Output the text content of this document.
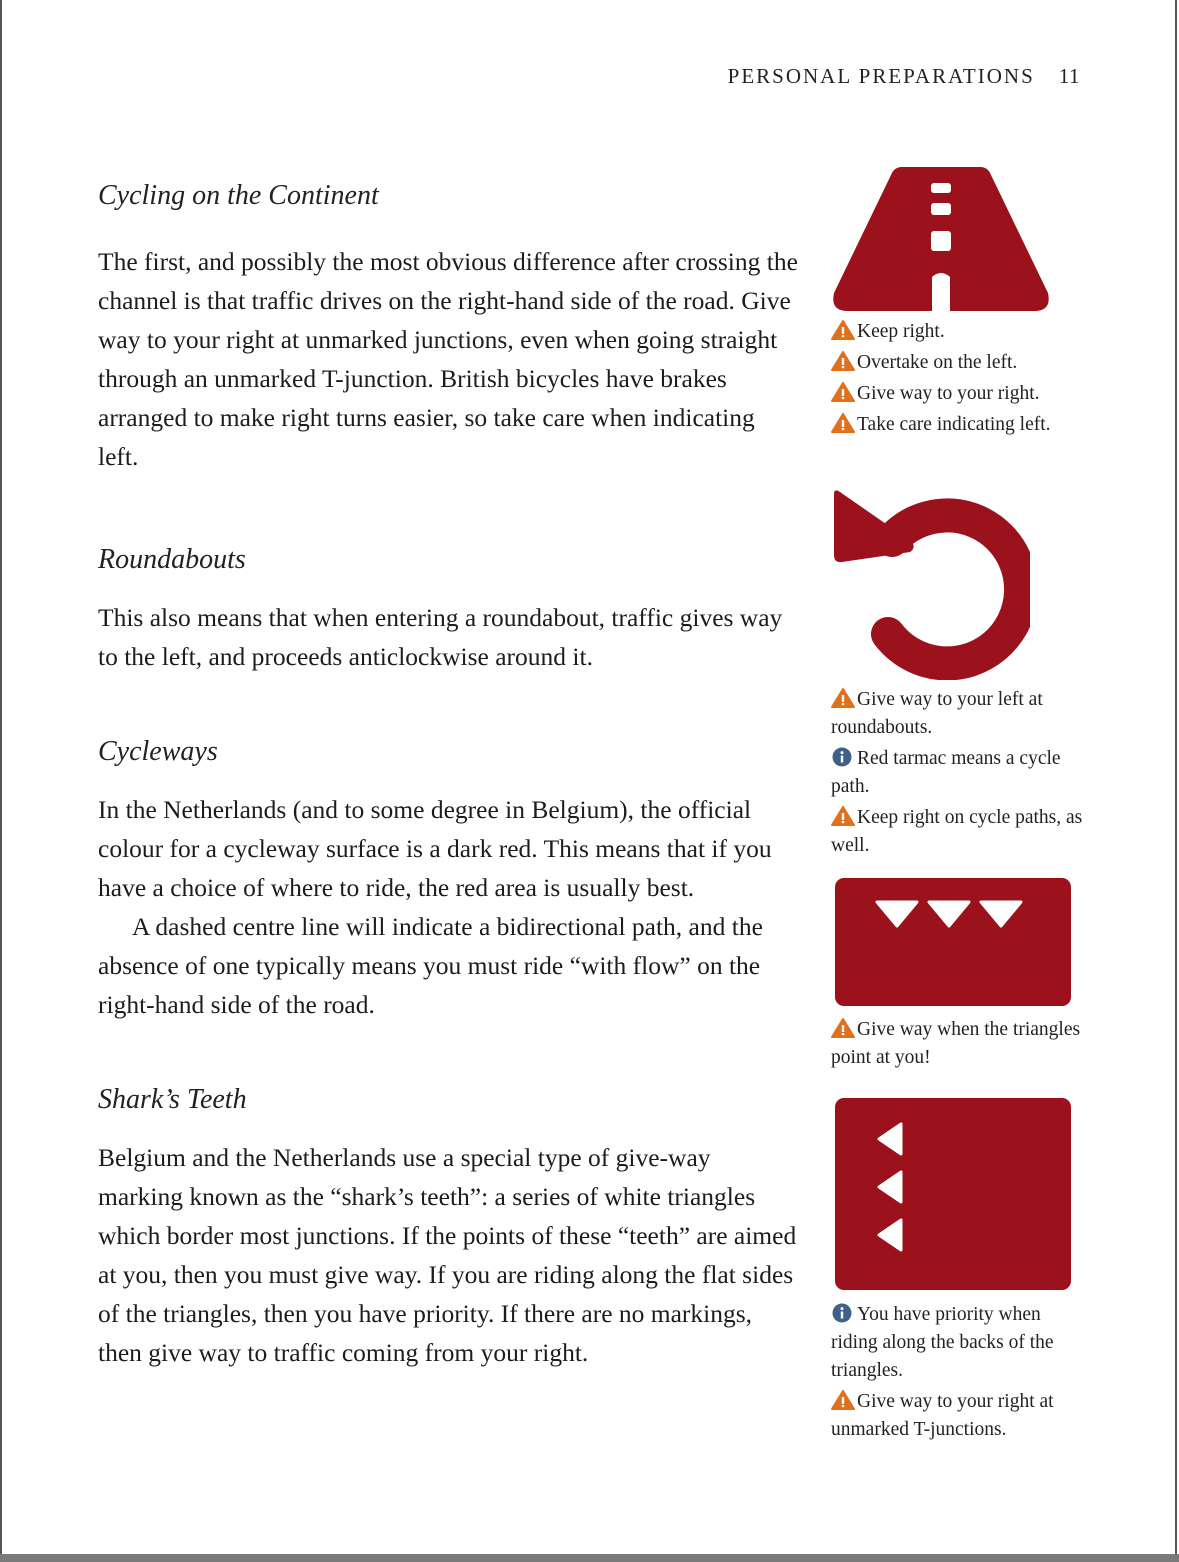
PERSONAL PREPARATIONS 11
Cycling on the Continent

The first, and possibly the most obvious difference after crossing the channel is that traffic drives on the right-hand side of the road. Give way to your right at unmarked junctions, even when going straight through an unmarked T-junction. British bicycles have brakes arranged to make right turns easier, so take care when indicating left.

Roundabouts

This also means that when entering a roundabout, traffic gives way to the left, and proceeds anticlockwise around it.

Cycleways

In the Netherlands (and to some degree in Belgium), the official colour for a cycleway surface is a dark red. This means that if you have a choice of where to ride, the red area is usually best.

A dashed centre line will indicate a bidirectional path, and the absence of one typically means you must ride “with flow” on the right-hand side of the road.

Shark’s Teeth

Belgium and the Netherlands use a special type of give-way marking known as the “shark’s teeth”: a series of white triangles which border most junctions. If the points of these “teeth” are aimed at you, then you must give way. If you are riding along the flat sides of the triangles, then you have priority. If there are no markings, then give way to traffic coming from your right.

Keep right.
Overtake on the left.
Give way to your right.
Take care indicating left.
Give way to your left at roundabouts.
Red tarmac means a cycle path.
Keep right on cycle paths, as well.
Give way when the triangles point at you!
You have priority when riding along the backs of the triangles.
Give way to your right at unmarked T-junctions.
